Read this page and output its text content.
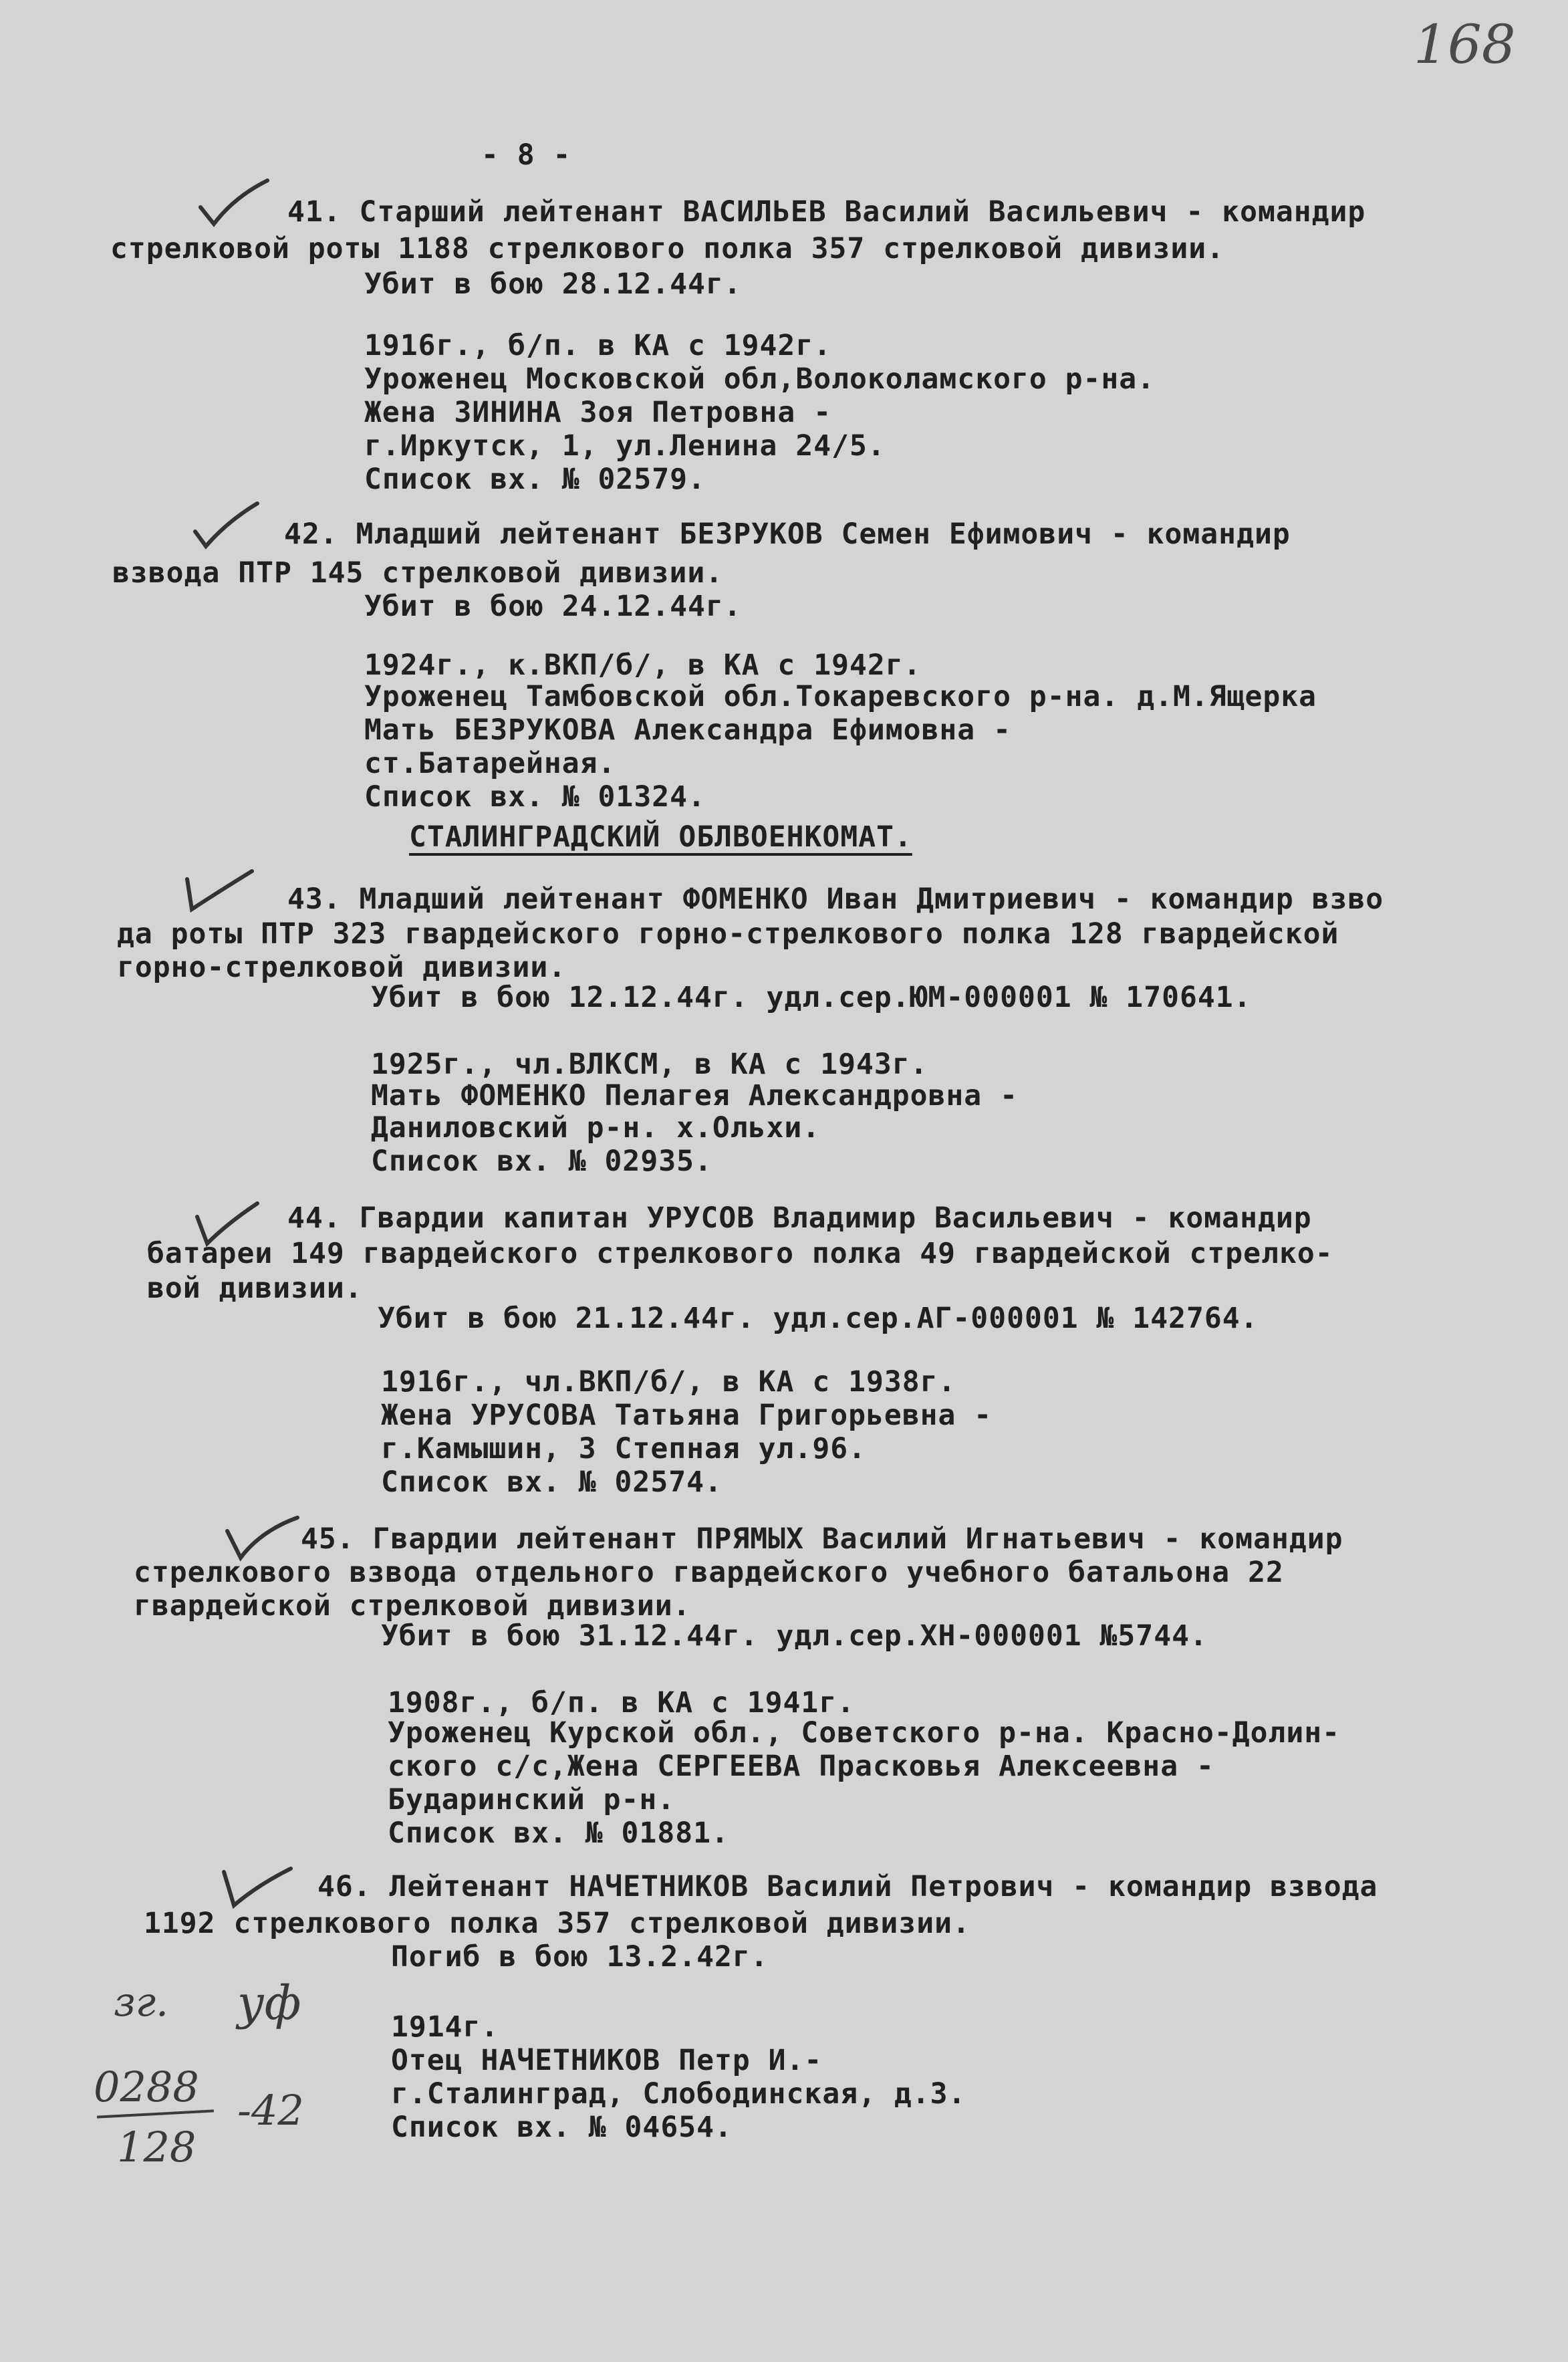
168
- 8 -
41. Старший лейтенант ВАСИЛЬЕВ Василий Васильевич - командир
стрелковой роты 1188 стрелкового полка 357 стрелковой дивизии.
Убит в бою 28.12.44г.
1916г., б/п. в КА с 1942г.
Уроженец Московской обл,Волоколамского р-на.
Жена ЗИНИНА Зоя Петровна -
г.Иркутск, 1, ул.Ленина 24/5.
Список вх. № 02579.
42. Младший лейтенант БЕЗРУКОВ Семен Ефимович - командир
взвода ПТР 145 стрелковой дивизии.
Убит в бою 24.12.44г.
1924г., к.ВКП/б/, в КА с 1942г.
Уроженец Тамбовской обл.Токаревского р-на. д.М.Ящерка
Мать БЕЗРУКОВА Александра Ефимовна -
ст.Батарейная.
Список вх. № 01324.
СТАЛИНГРАДСКИЙ ОБЛВОЕНКОМАТ.
43. Младший лейтенант ФОМЕНКО Иван Дмитриевич - командир взво
да роты ПТР 323 гвардейского горно-стрелкового полка 128 гвардейской
горно-стрелковой дивизии.
Убит в бою 12.12.44г. удл.сер.ЮМ-000001 № 170641.
1925г., чл.ВЛКСМ, в КА с 1943г.
Мать ФОМЕНКО Пелагея Александровна -
Даниловский р-н. х.Ольхи.
Список вх. № 02935.
44. Гвардии капитан УРУСОВ Владимир Васильевич - командир
батареи 149 гвардейского стрелкового полка 49 гвардейской стрелко-
вой дивизии.
Убит в бою 21.12.44г. удл.сер.АГ-000001 № 142764.
1916г., чл.ВКП/б/, в КА с 1938г.
Жена УРУСОВА Татьяна Григорьевна -
г.Камышин, 3 Степная ул.96.
Список вх. № 02574.
45. Гвардии лейтенант ПРЯМЫХ Василий Игнатьевич - командир
стрелкового взвода отдельного гвардейского учебного батальона 22
гвардейской стрелковой дивизии.
Убит в бою 31.12.44г. удл.сер.ХН-000001 №5744.
1908г., б/п. в КА с 1941г.
Уроженец Курской обл., Советского р-на. Красно-Долин-
ского с/с,Жена СЕРГЕЕВА Прасковья Алексеевна -
Бударинский р-н.
Список вх. № 01881.
46. Лейтенант НАЧЕТНИКОВ Василий Петрович - командир взвода
1192 стрелкового полка 357 стрелковой дивизии.
Погиб в бою 13.2.42г.
1914г.
Отец НАЧЕТНИКОВ Петр И.-
г.Сталинград, Слободинская, д.3.
Список вх. № 04654.
зг. уф
0288
128
-42
